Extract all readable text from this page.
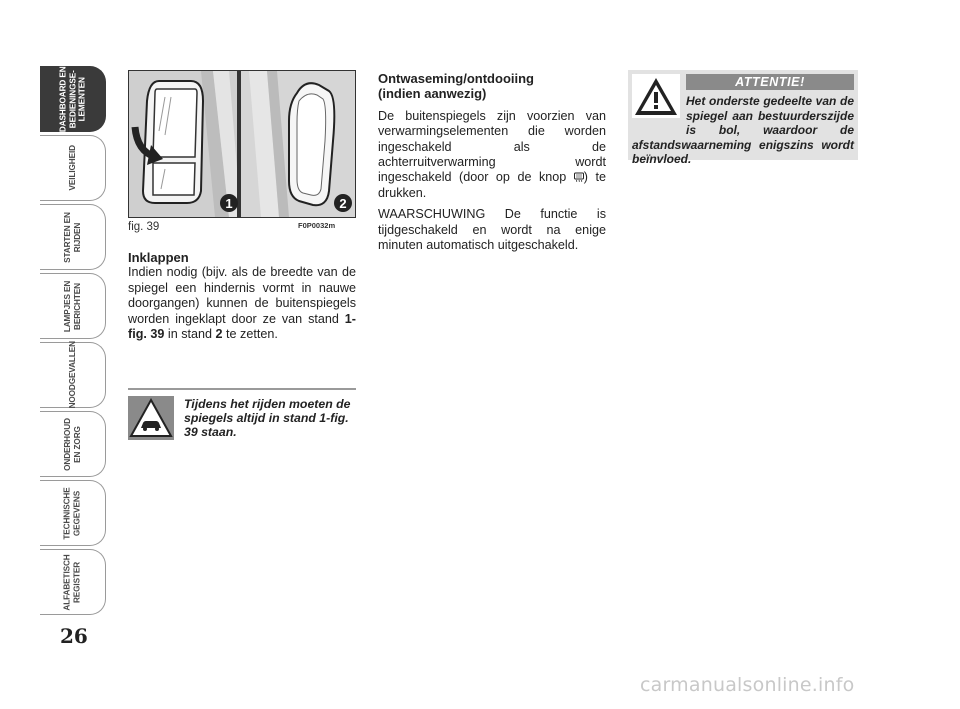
DASHBOARD EN
BEDIENINGSE-
LEMENTEN
VEILIGHEID
STARTEN EN
RIJDEN
LAMPJES EN
BERICHTEN
NOODGEVALLEN
ONDERHOUD
EN ZORG
TECHNISCHE
GEGEVENS
ALFABETISCH
REGISTER
26
1	2
fig. 39	F0P0032m
Inklappen

Indien nodig (bijv. als de breedte van de spiegel een hindernis vormt in nauwe doorgangen) kunnen de buitenspiegels worden ingeklapt door ze van stand 1-fig. 39 in stand 2 te zetten.

Tijdens het rijden moeten de spiegels altijd in stand 1-fig. 39 staan.
Ontwaseming/ontdooiing
(indien aanwezig)

De buitenspiegels zijn voorzien van verwarmingselementen die worden ingeschakeld als de achterruitverwarming wordt ingeschakeld (door op de knop ) te drukken.

WAARSCHUWING De functie is tijdgeschakeld en wordt na enige minuten automatisch uitgeschakeld.

ATTENTIE!
Het onderste gedeelte van de spiegel aan bestuurderszijde is bol, waardoor de afstandswaarneming enigszins wordt beïnvloed.
carmanualsonline.info
